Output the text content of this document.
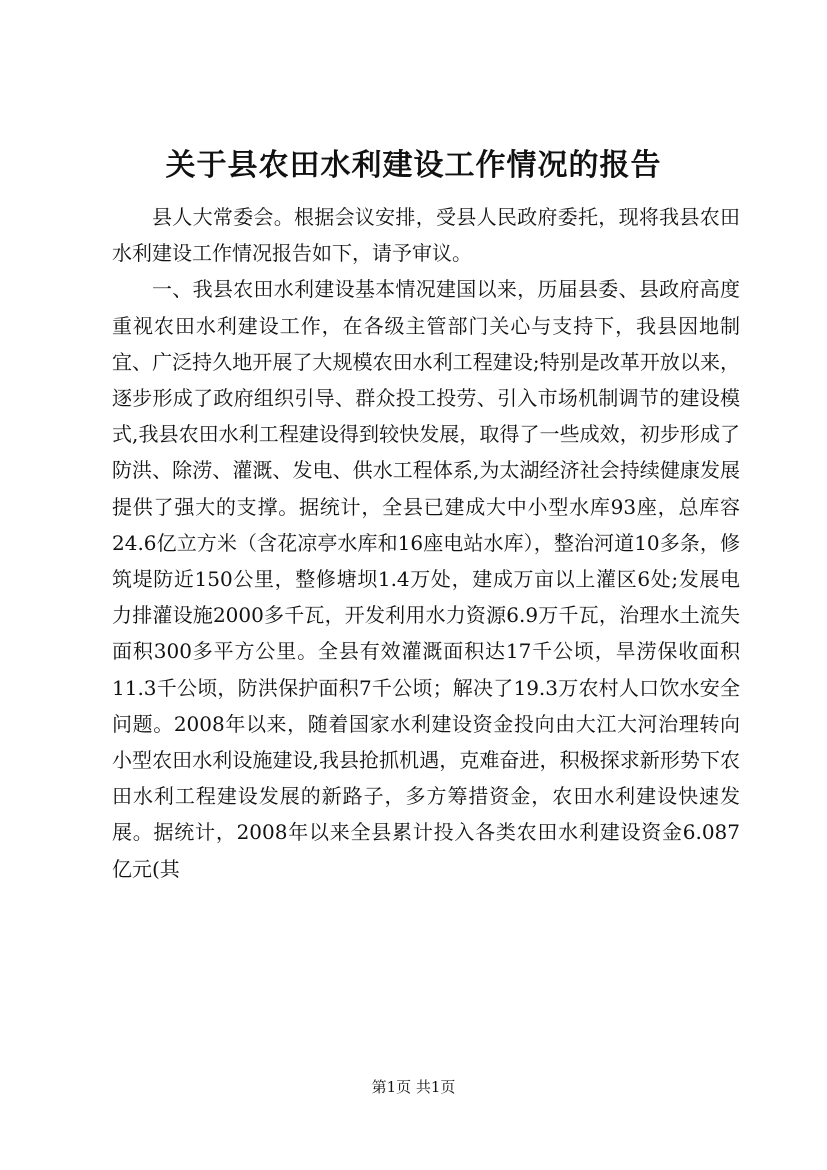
关于县农田水利建设工作情况的报告

县人大常委会。根据会议安排，受县人民政府委托，现将我县农田水利建设工作情况报告如下，请予审议。

一、我县农田水利建设基本情况建国以来，历届县委、县政府高度重视农田水利建设工作，在各级主管部门关心与支持下，我县因地制宜、广泛持久地开展了大规模农田水利工程建设;特别是改革开放以来，逐步形成了政府组织引导、群众投工投劳、引入市场机制调节的建设模式,我县农田水利工程建设得到较快发展，取得了一些成效，初步形成了防洪、除涝、灌溉、发电、供水工程体系,为太湖经济社会持续健康发展提供了强大的支撑。据统计，全县已建成大中小型水库93座，总库容24.6亿立方米（含花凉亭水库和16座电站水库），整治河道10多条，修筑堤防近150公里，整修塘坝1.4万处，建成万亩以上灌区6处;发展电力排灌设施2000多千瓦，开发利用水力资源6.9万千瓦，治理水土流失面积300多平方公里。全县有效灌溉面积达17千公顷，旱涝保收面积11.3千公顷，防洪保护面积7千公顷；解决了19.3万农村人口饮水安全问题。2008年以来，随着国家水利建设资金投向由大江大河治理转向小型农田水利设施建设,我县抢抓机遇，克难奋进，积极探求新形势下农田水利工程建设发展的新路子，多方筹措资金，农田水利建设快速发展。据统计，2008年以来全县累计投入各类农田水利建设资金6.087亿元(其

第1页 共1页
